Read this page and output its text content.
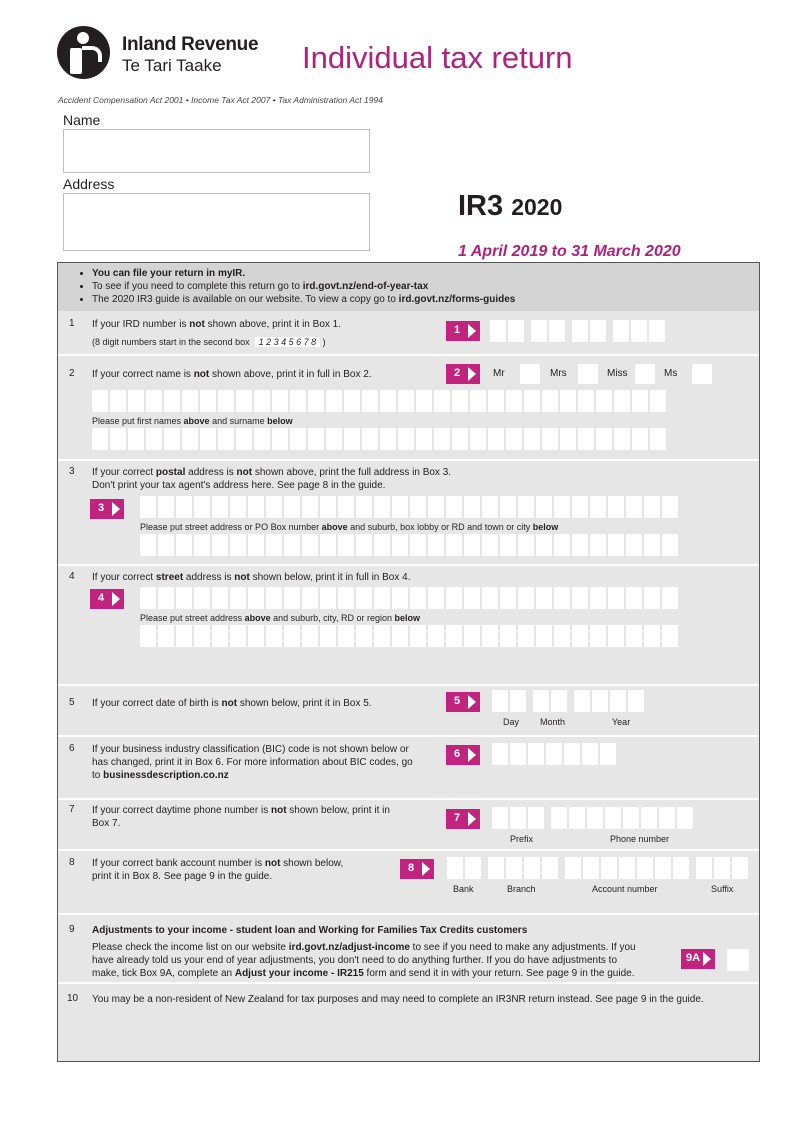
Inland Revenue
Te Tari Taake	Individual tax return
Accident Compensation Act 2001 • Income Tax Act 2007 • Tax Administration Act 1994
Name
Address
IR3 2020
1 April 2019 to 31 March 2020
• You can file your return in myIR.
• To see if you need to complete this return go to ird.govt.nz/end-of-year-tax
• The 2020 IR3 guide is available on our website. To view a copy go to ird.govt.nz/forms-guides
1 If your IRD number is not shown above, print it in Box 1.
(8 digit numbers start in the second box 1 2 3 4 5 6 7 8 )
1
2 If your correct name is not shown above, print it in full in Box 2.	2	Mr	Mrs	Miss	Ms
Please put first names above and surname below
3 If your correct postal address is not shown above, print the full address in Box 3.
Don't print your tax agent's address here. See page 8 in the guide.
3
Please put street address or PO Box number above and suburb, box lobby or RD and town or city below
4 If your correct street address is not shown below, print it in full in Box 4.
4
Please put street address above and suburb, city, RD or region below
5 If your correct date of birth is not shown below, print it in Box 5.	5
Day Month	Year
6 If your business industry classification (BIC) code is not shown below or
has changed, print it in Box 6. For more information about BIC codes, go
to businessdescription.co.nz
6
7 If your correct daytime phone number is not shown below, print it in
Box 7.	7
Prefix	Phone number
8 If your correct bank account number is not shown below,
print it in Box 8. See page 9 in the guide.
8
Bank	Branch	Account number	Suffix
9 Adjustments to your income - student loan and Working for Families Tax Credits customers
Please check the income list on our website ird.govt.nz/adjust-income to see if you need to make any adjustments. If you
have already told us your end of year adjustments, you don't need to do anything further. If you do have adjustments to
make, tick Box 9A, complete an Adjust your income - IR215 form and send it in with your return. See page 9 in the guide.
9A
10 You may be a non-resident of New Zealand for tax purposes and may need to complete an IR3NR return instead. See page 9 in the guide.
